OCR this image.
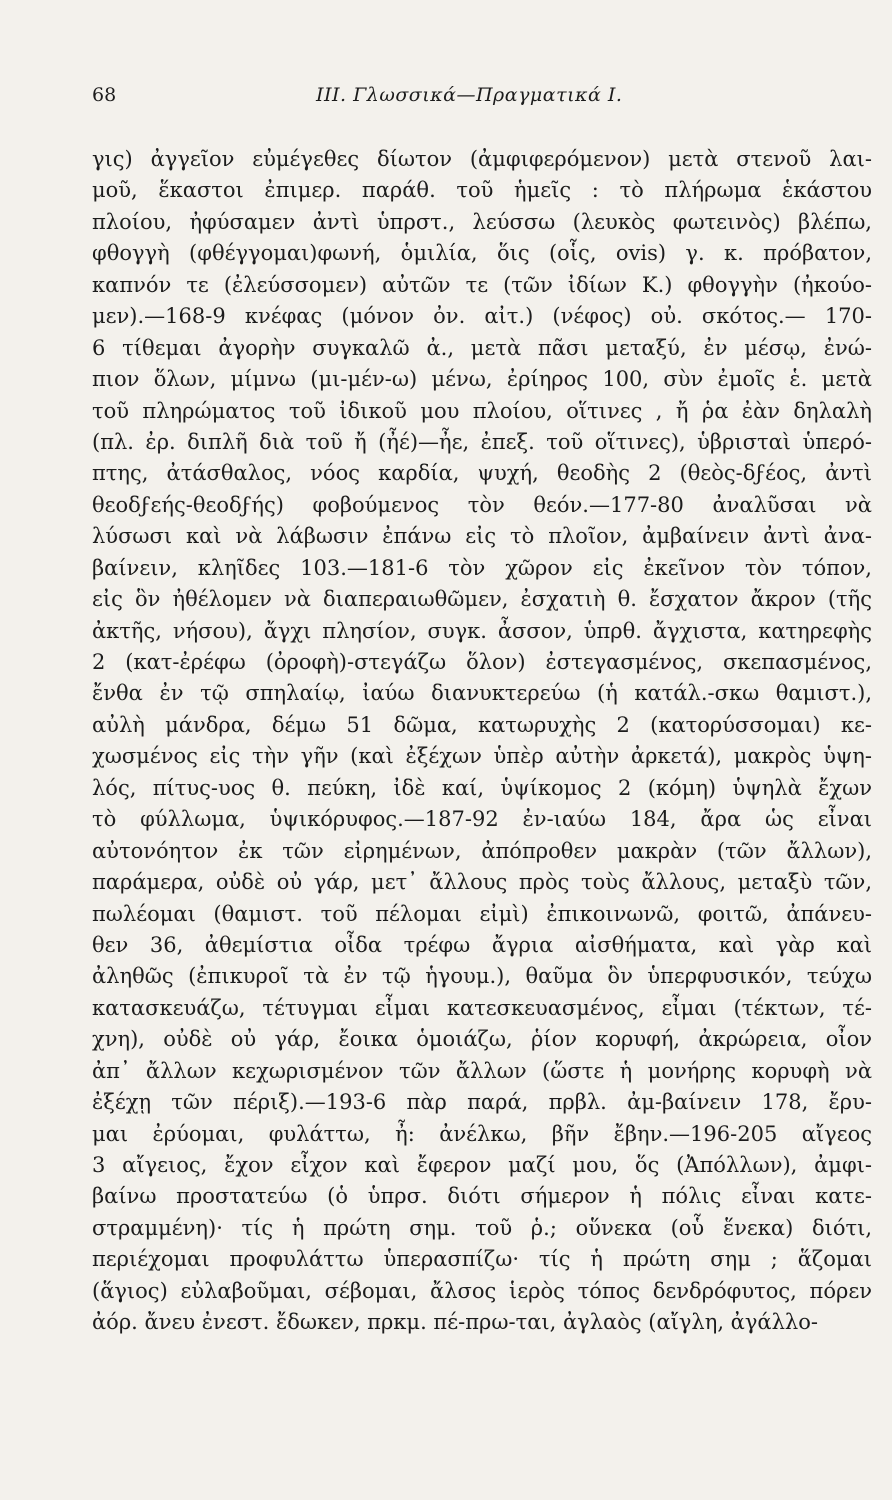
68	III. Γλωσσικά—Πραγματικά Ι.
γις) ἀγγεῖον εὐμέγεθες δίωτον (ἀμφιφερόμενον) μετὰ στενοῦ λαι-
μοῦ, ἕκαστοι ἐπιμερ. παράθ. τοῦ ἡμεῖς : τὸ πλήρωμα ἑκάστου
πλοίου, ἠφύσαμεν ἀντὶ ὑπρστ., λεύσσω (λευκὸς φωτεινὸς) βλέπω,
φθογγὴ (φθέγγομαι)φωνή, ὁμιλία, ὅις (οἷς, ovis) γ. κ. πρόβατον,
καπνόν τε (ἐλεύσσομεν) αὐτῶν τε (τῶν ἰδίων Κ.) φθογγὴν (ἠκούο-
μεν).—168-9 κνέφας (μόνον ὀν. αἰτ.) (νέφος) οὐ. σκότος.— 170-
6 τίθεμαι ἀγορὴν συγκαλῶ ἀ., μετὰ πᾶσι μεταξύ, ἐν μέσῳ, ἐνώ-
πιον ὅλων, μίμνω (μι-μέν-ω) μένω, ἐρίηρος 100, σὺν ἐμοῖς ἑ. μετὰ
τοῦ πληρώματος τοῦ ἰδικοῦ μου πλοίου, οἵτινες , ἤ ῥα ἐὰν δηλαλὴ
(πλ. ἐρ. διπλῆ διὰ τοῦ ἤ (ἦέ)—ἦε, ἐπεξ. τοῦ οἵτινες), ὑβρισταὶ ὑπερό-
πτης, ἀτάσθαλος, νόος καρδία, ψυχή, θεοδὴς 2 (θεὸς-δϝέος, ἀντὶ
θεοδϝεής-θεοδϝής) φοβούμενος τὸν θεόν.—177-80 ἀναλῦσαι νὰ
λύσωσι καὶ νὰ λάβωσιν ἐπάνω εἰς τὸ πλοῖον, ἀμβαίνειν ἀντὶ ἀνα-
βαίνειν, κληῖδες 103.—181-6 τὸν χῶρον εἰς ἐκεῖνον τὸν τόπον,
εἰς ὃν ἠθέλομεν νὰ διαπεραιωθῶμεν, ἐσχατιὴ θ. ἔσχατον ἄκρον (τῆς
ἀκτῆς, νήσου), ἄγχι πλησίον, συγκ. ἆσσον, ὑπρθ. ἄγχιστα, κατηρεφὴς
2 (κατ-ἐρέφω (ὀροφὴ)-στεγάζω ὅλον) ἐστεγασμένος, σκεπασμένος,
ἔνθα ἐν τῷ σπηλαίῳ, ἰαύω διανυκτερεύω (ἡ κατάλ.-σκω θαμιστ.),
αὐλὴ μάνδρα, δέμω 51 δῶμα, κατωρυχὴς 2 (κατορύσσομαι) κε-
χωσμένος εἰς τὴν γῆν (καὶ ἐξέχων ὑπὲρ αὐτὴν ἀρκετά), μακρὸς ὑψη-
λός, πίτυς-υος θ. πεύκη, ἰδὲ καί, ὑψίκομος 2 (κόμη) ὑψηλὰ ἔχων
τὸ φύλλωμα, ὑψικόρυφος.—187-92 ἐν-ιαύω 184, ἄρα ὡς εἶναι
αὐτονόητον ἐκ τῶν εἰρημένων, ἀπόπροθεν μακρὰν (τῶν ἄλλων),
παράμερα, οὐδὲ οὐ γάρ, μετ᾿ ἄλλους πρὸς τοὺς ἄλλους, μεταξὺ τῶν,
πωλέομαι (θαμιστ. τοῦ πέλομαι εἰμὶ) ἐπικοινωνῶ, φοιτῶ, ἀπάνευ-
θεν 36, ἀθεμίστια οἶδα τρέφω ἄγρια αἰσθήματα, καὶ γὰρ καὶ
ἀληθῶς (ἐπικυροῖ τὰ ἐν τῷ ἡγουμ.), θαῦμα ὃν ὑπερφυσικόν, τεύχω
κατασκευάζω, τέτυγμαι εἶμαι κατεσκευασμένος, εἶμαι (τέκτων, τέ-
χνη), οὐδὲ οὐ γάρ, ἔοικα ὁμοιάζω, ῥίον κορυφή, ἀκρώρεια, οἶον
ἀπ᾿ ἄλλων κεχωρισμένον τῶν ἄλλων (ὥστε ἡ μονήρης κορυφὴ νὰ
ἐξέχῃ τῶν πέριξ).—193-6 πὰρ παρά, πρβλ. ἀμ-βαίνειν 178, ἔρυ-
μαι ἐρύομαι, φυλάττω, ἦ: ἀνέλκω, βῆν ἔβην.—196-205 αἴγεος
3 αἴγειος, ἔχον εἶχον καὶ ἔφερον μαζί μου, ὅς (Ἀπόλλων), ἀμφι-
βαίνω προστατεύω (ὁ ὑπρσ. διότι σήμερον ἡ πόλις εἶναι κατε-
στραμμένη)· τίς ἡ πρώτη σημ. τοῦ ῥ.; οὕνεκα (οὗ ἕνεκα) διότι,
περιέχομαι προφυλάττω ὑπερασπίζω· τίς ἡ πρώτη σημ ; ἅζομαι
(ἅγιος) εὐλαβοῦμαι, σέβομαι, ἄλσος ἱερὸς τόπος δενδρόφυτος, πόρεν
ἀόρ. ἄνευ ἐνεστ. ἔδωκεν, πρκμ. πέ-πρω-ται, ἀγλαὸς (αἴγλη, ἀγάλλο-
